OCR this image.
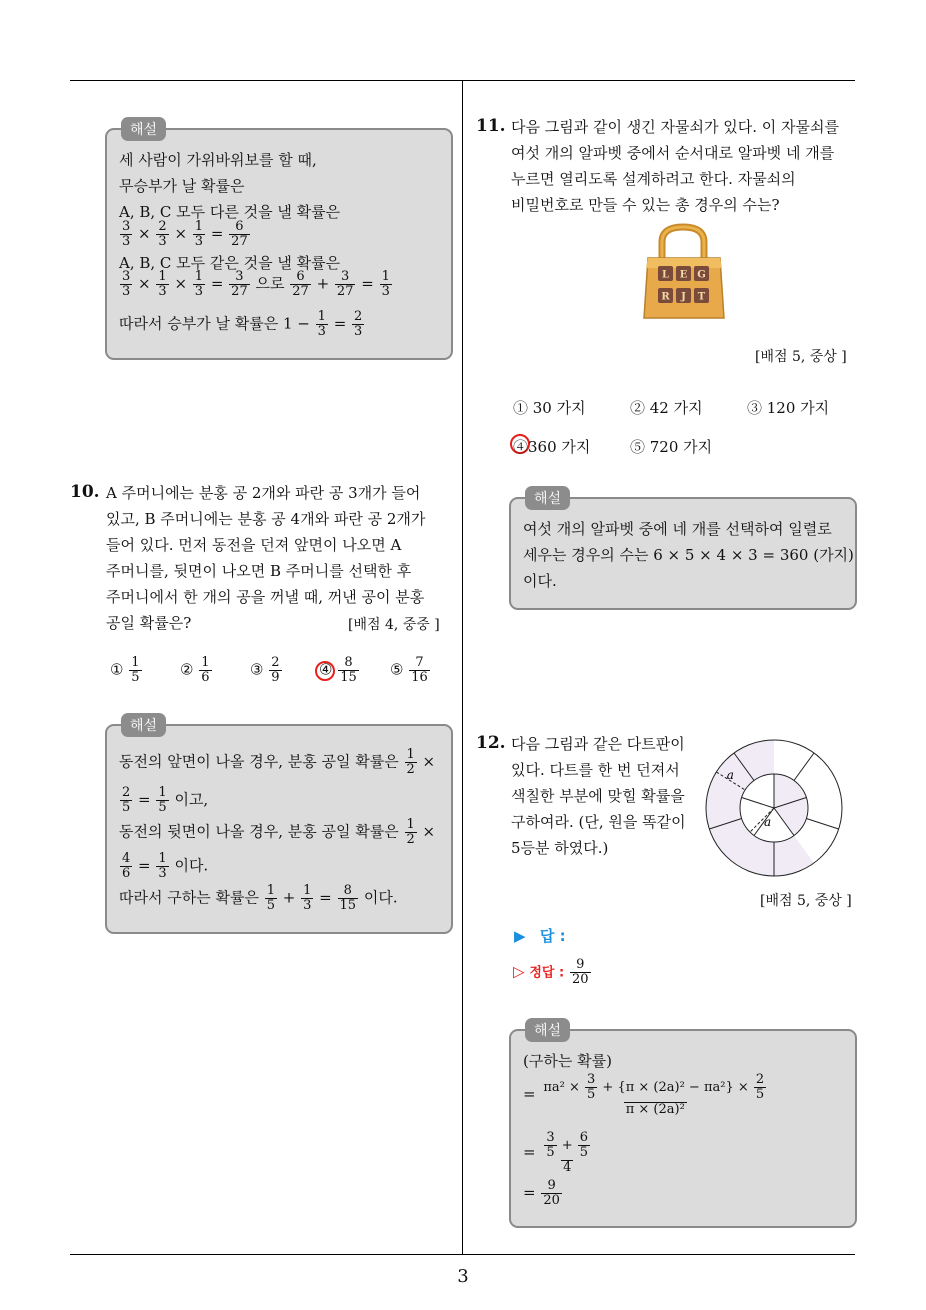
3
해설
세 사람이 가위바위보를 할 때,
무승부가 날 확률은
A, B, C 모두 다른 것을 낼 확률은
$\frac{3}{3} \times \frac{2}{3} \times \frac{1}{3} = \frac{6}{27}$
A, B, C 모두 같은 것을 낼 확률은
$\frac{3}{3} \times \frac{1}{3} \times \frac{1}{3} = \frac{3}{27}$ 으로 $\frac{6}{27} + \frac{3}{27} = \frac{1}{3}$
따라서 승부가 날 확률은 $1 - \frac{1}{3} = \frac{2}{3}$
10. A 주머니에는 분홍 공 2개와 파란 공 3개가 들어
있고, B 주머니에는 분홍 공 4개와 파란 공 2개가
들어 있다. 먼저 동전을 던져 앞면이 나오면 A
주머니를, 뒷면이 나오면 B 주머니를 선택한 후
주머니에서 한 개의 공을 꺼낼 때, 꺼낸 공이 분홍
공일 확률은?	[배점 4, 중중 ]
① $\frac{1}{5}$	② $\frac{1}{6}$	③ $\frac{2}{9}$ ④ $\frac{8}{15}$ ⑤ $\frac{7}{16}$
해설
동전의 앞면이 나올 경우, 분홍 공일 확률은 $\frac{1}{2}$ ×
$\frac{2}{5} = \frac{1}{5}$ 이고,
동전의 뒷면이 나올 경우, 분홍 공일 확률은 $\frac{1}{2}$ ×
$\frac{4}{6} = \frac{1}{3}$ 이다.
따라서 구하는 확률은 $\frac{1}{5} + \frac{1}{3} = \frac{8}{15}$ 이다.
11. 다음 그림과 같이 생긴 자물쇠가 있다. 이 자물쇠를
여섯 개의 알파벳 중에서 순서대로 알파벳 네 개를
누르면 열리도록 설계하려고 한다. 자물쇠의
비밀번호로 만들 수 있는 총 경우의 수는?
L E G
R J T
[배점 5, 중상 ]
① 30 가지	② 42 가지	③ 120 가지
④360 가지	⑤ 720 가지
해설
여섯 개의 알파벳 중에 네 개를 선택하여 일렬로
세우는 경우의 수는 6 × 5 × 4 × 3 = 360 (가지)
이다.
12. 다음 그림과 같은 다트판이
있다. 다트를 한 번 던져서
색칠한 부분에 맞힐 확률을
구하여라. (단, 원을 똑같이
5등분 하였다.)
a
a
[배점 5, 중상 ]
▶ 답 :
▷ 정답 : $\frac{9}{20}$
해설
(구하는 확률)
= $\frac{\pi a^2 \times \frac{3}{5} + \{\pi \times (2a)^2 - \pi a^2\} \times \frac{2}{5}}{\text{π × (2a)²}}$
= $\frac{\frac{3}{5} + \frac{6}{5}}{4}$
= $\frac{9}{20}$
